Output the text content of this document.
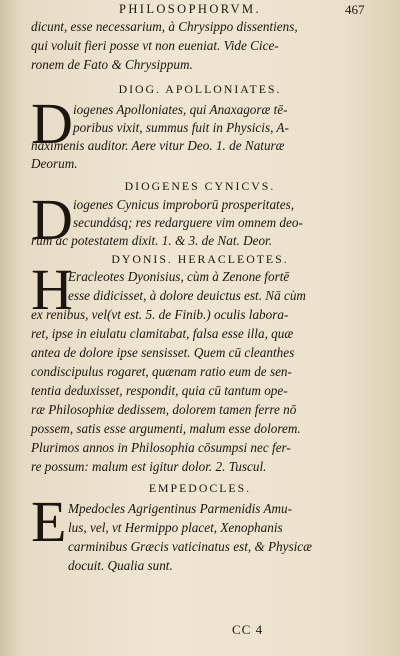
PHILOSOPHORVM.	467
dicunt, esse necessarium, à Chrysippo dissentiens,
qui voluit fieri posse vt non eueniat. Vide Cice-
ronem de Fato & Chrysippum.
DIOG. APOLLONIATES.
D iogenes Apolloniates, qui Anaxagoræ tē-
poribus vixit, summus fuit in Physicis, A-
naximenis auditor. Aere vitur Deo. 1. de Naturæ
Deorum.
DIOGENES CYNICVS.
D iogenes Cynicus improborū prosperitates,
secundásq; res redarguere vim omnem deo-
rum ac potestatem dixit. 1. & 3. de Nat. Deor.
DYONIS. HERACLEOTES.
H
Eracleotes Dyonisius, cùm à Zenone fortē
esse didicisset, à dolore deuictus est. Nā cùm
ex renibus, vel(vt est. 5. de Finib.) oculis labora-
ret, ipse in eiulatu clamitabat, falsa esse illa, quæ
antea de dolore ipse sensisset. Quem cū cleanthes
condiscipulus rogaret, quænam ratio eum de sen-
tentia deduxisset, respondit, quia cū tantum ope-
ræ Philosophiæ dedissem, dolorem tamen ferre nō
possem, satis esse argumenti, malum esse dolorem.
Plurimos annos in Philosophia cōsumpsi nec fer-
re possum: malum est igitur dolor. 2. Tuscul.
EMPEDOCLES.
E Mpedocles Agrigentinus Parmenidis Amu-
lus, vel, vt Hermippo placet, Xenophanis
carminibus Græcis vaticinatus est, & Physicæ
docuit. Qualia sunt.
CC 4
